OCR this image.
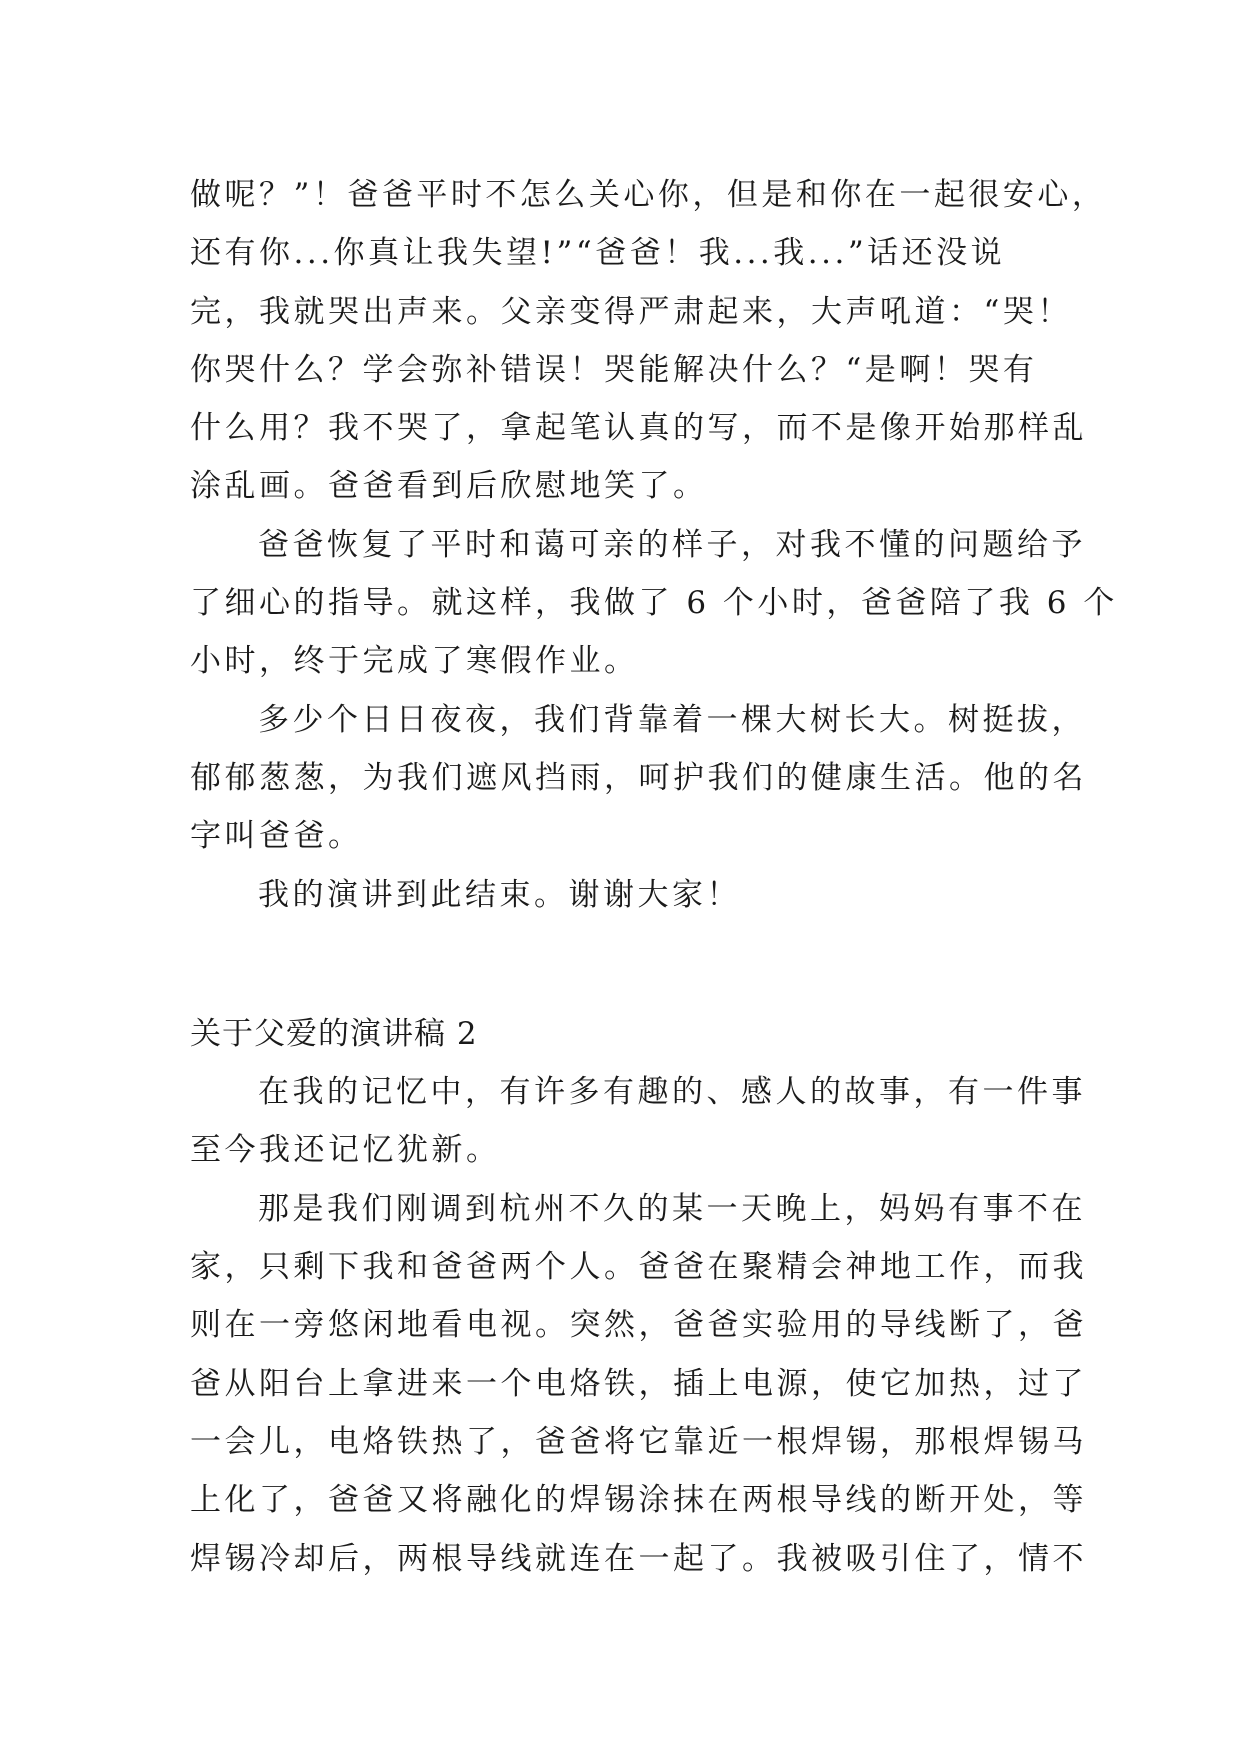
做呢？”！爸爸平时不怎么关心你，但是和你在一起很安心，
还有你...你真让我失望!”“爸爸！我...我...”话还没说
完，我就哭出声来。父亲变得严肃起来，大声吼道：“哭！
你哭什么？学会弥补错误！哭能解决什么？“是啊！哭有
什么用？我不哭了，拿起笔认真的写，而不是像开始那样乱
涂乱画。爸爸看到后欣慰地笑了。
爸爸恢复了平时和蔼可亲的样子，对我不懂的问题给予
了细心的指导。就这样，我做了 6 个小时，爸爸陪了我 6 个
小时，终于完成了寒假作业。
多少个日日夜夜，我们背靠着一棵大树长大。树挺拔，
郁郁葱葱，为我们遮风挡雨，呵护我们的健康生活。他的名
字叫爸爸。
我的演讲到此结束。谢谢大家！
关于父爱的演讲稿 2
在我的记忆中，有许多有趣的、感人的故事，有一件事
至今我还记忆犹新。
那是我们刚调到杭州不久的某一天晚上，妈妈有事不在
家，只剩下我和爸爸两个人。爸爸在聚精会神地工作，而我
则在一旁悠闲地看电视。突然，爸爸实验用的导线断了，爸
爸从阳台上拿进来一个电烙铁，插上电源，使它加热，过了
一会儿，电烙铁热了，爸爸将它靠近一根焊锡，那根焊锡马
上化了，爸爸又将融化的焊锡涂抹在两根导线的断开处，等
焊锡冷却后，两根导线就连在一起了。我被吸引住了，情不
